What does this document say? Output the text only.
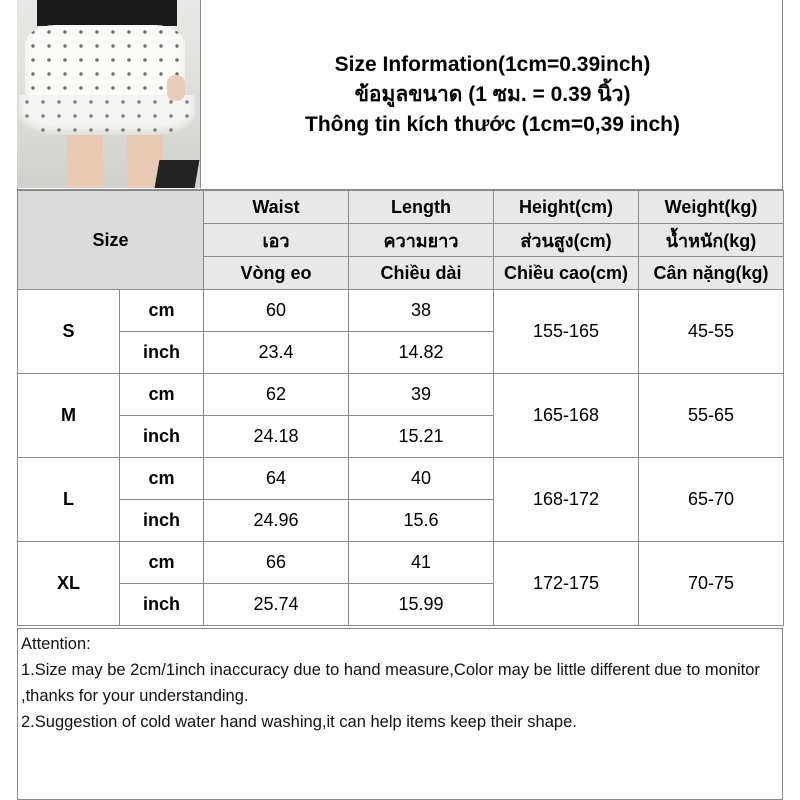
Size Information(1cm=0.39inch)
ข้อมูลขนาด (1 ซม. = 0.39 นิ้ว)
Thông tin kích thước (1cm=0,39 inch)
Size		Waist	Length	Height(cm)	Weight(kg)
		เอว	ความยาว	ส่วนสูง(cm)	น้ำหนัก(kg)
		Vòng eo	Chiều dài	Chiều cao(cm)	Cân nặng(kg)
S	cm	60	38	155-165	45-55
	inch	23.4	14.82		
M	cm	62	39	165-168	55-65
	inch	24.18	15.21		
L	cm	64	40	168-172	65-70
	inch	24.96	15.6		
XL	cm	66	41	172-175	70-75
	inch	25.74	15.99		
Attention:
1.Size may be 2cm/1inch inaccuracy due to hand measure,Color may be little different due to monitor ,thanks for your understanding.
2.Suggestion of cold water hand washing,it can help items keep their shape.
